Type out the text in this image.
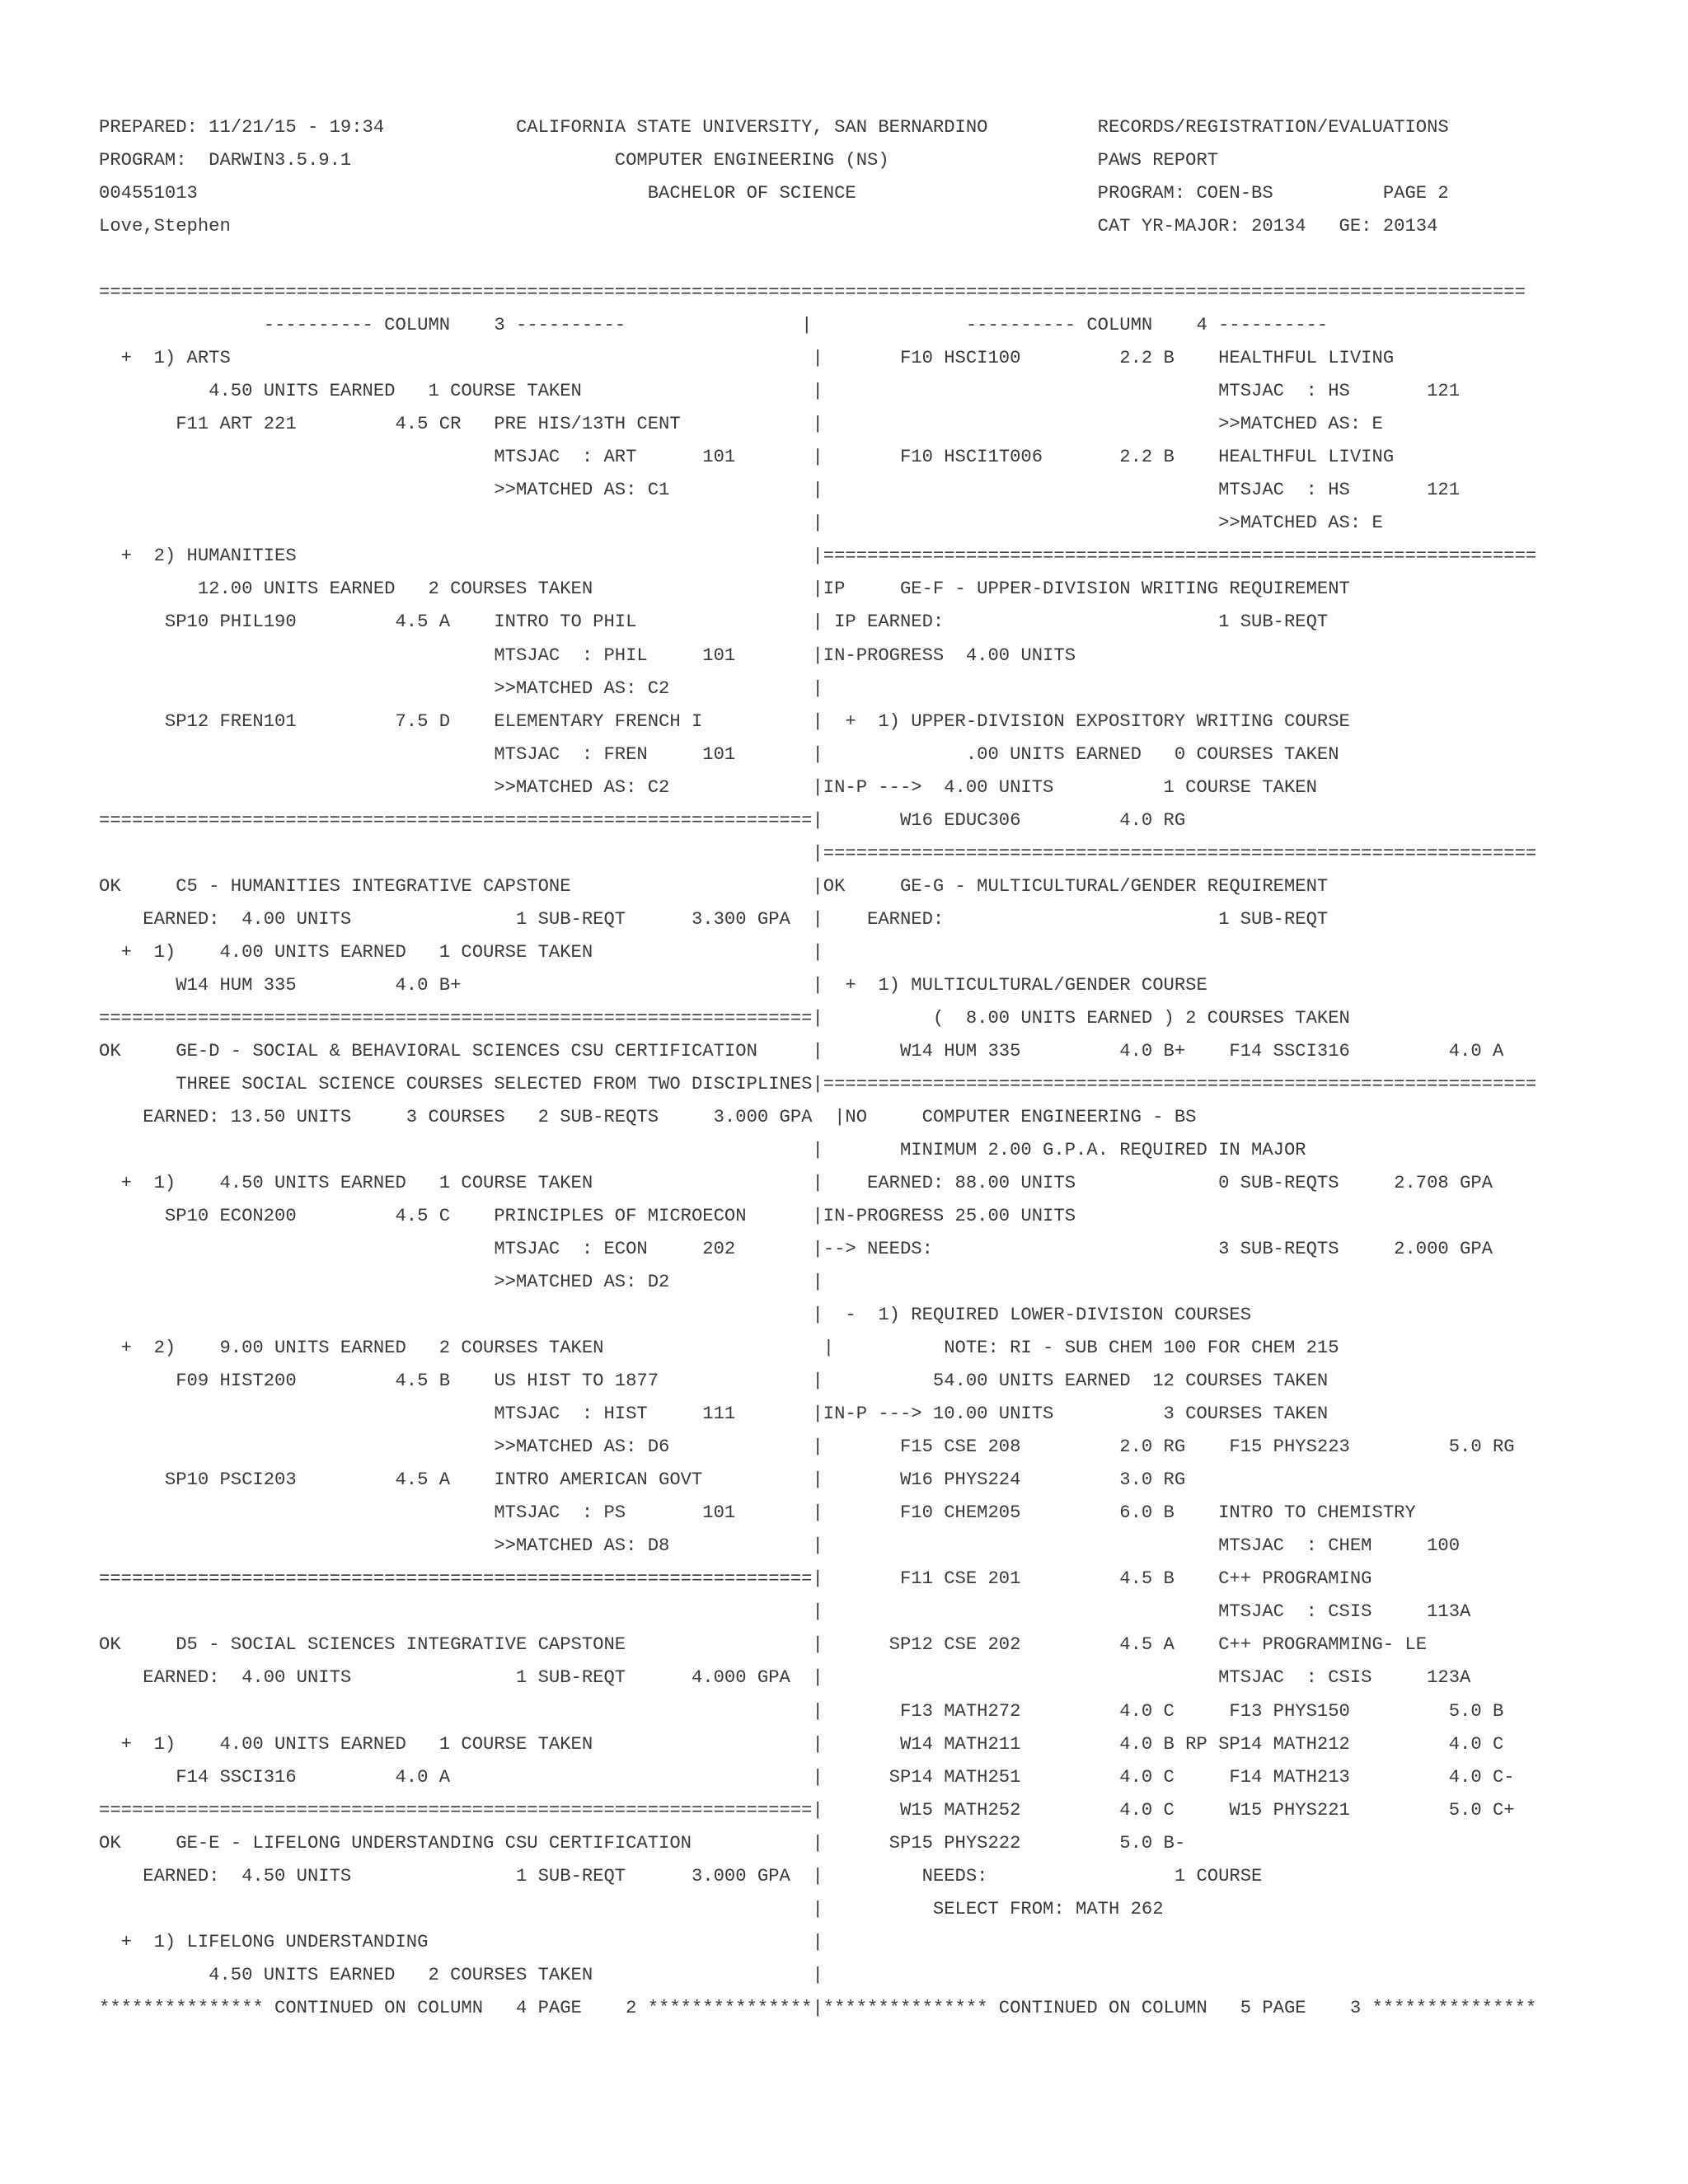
PREPARED: 11/21/15 - 19:34            CALIFORNIA STATE UNIVERSITY, SAN BERNARDINO          RECORDS/REGISTRATION/EVALUATIONS
PROGRAM:  DARWIN3.5.9.1                        COMPUTER ENGINEERING (NS)                   PAWS REPORT
004551013                                         BACHELOR OF SCIENCE                      PROGRAM: COEN-BS          PAGE 2
Love,Stephen                                                                               CAT YR-MAJOR: 20134   GE: 20134
==================================================================================================================================
---------- COLUMN    3 ----------                |              ---------- COLUMN    4 ----------
+  1) ARTS                                                     |       F10 HSCI100         2.2 B    HEALTHFUL LIVING
4.50 UNITS EARNED   1 COURSE TAKEN                     |                                    MTSJAC  : HS       121
F11 ART 221         4.5 CR   PRE HIS/13TH CENT            |                                    >>MATCHED AS: E
MTSJAC  : ART      101       |       F10 HSCI1T006       2.2 B    HEALTHFUL LIVING
>>MATCHED AS: C1             |                                    MTSJAC  : HS       121
|                                    >>MATCHED AS: E
+  2) HUMANITIES                                               |=================================================================
12.00 UNITS EARNED   2 COURSES TAKEN                    |IP     GE-F - UPPER-DIVISION WRITING REQUIREMENT
SP10 PHIL190         4.5 A    INTRO TO PHIL                | IP EARNED:                         1 SUB-REQT
MTSJAC  : PHIL     101       |IN-PROGRESS  4.00 UNITS
>>MATCHED AS: C2             |
SP12 FREN101         7.5 D    ELEMENTARY FRENCH I          |  +  1) UPPER-DIVISION EXPOSITORY WRITING COURSE
MTSJAC  : FREN     101       |             .00 UNITS EARNED   0 COURSES TAKEN
>>MATCHED AS: C2             |IN-P --->  4.00 UNITS          1 COURSE TAKEN
=================================================================|       W16 EDUC306         4.0 RG
|=================================================================
OK     C5 - HUMANITIES INTEGRATIVE CAPSTONE                      |OK     GE-G - MULTICULTURAL/GENDER REQUIREMENT
EARNED:  4.00 UNITS               1 SUB-REQT      3.300 GPA  |    EARNED:                         1 SUB-REQT
+  1)    4.00 UNITS EARNED   1 COURSE TAKEN                    |
W14 HUM 335         4.0 B+                                |  +  1) MULTICULTURAL/GENDER COURSE
=================================================================|          (  8.00 UNITS EARNED ) 2 COURSES TAKEN
OK     GE-D - SOCIAL & BEHAVIORAL SCIENCES CSU CERTIFICATION     |       W14 HUM 335         4.0 B+    F14 SSCI316         4.0 A
THREE SOCIAL SCIENCE COURSES SELECTED FROM TWO DISCIPLINES|=================================================================
EARNED: 13.50 UNITS     3 COURSES   2 SUB-REQTS     3.000 GPA  |NO     COMPUTER ENGINEERING - BS
|       MINIMUM 2.00 G.P.A. REQUIRED IN MAJOR
+  1)    4.50 UNITS EARNED   1 COURSE TAKEN                    |    EARNED: 88.00 UNITS             0 SUB-REQTS     2.708 GPA
SP10 ECON200         4.5 C    PRINCIPLES OF MICROECON      |IN-PROGRESS 25.00 UNITS
MTSJAC  : ECON     202       |--> NEEDS:                          3 SUB-REQTS     2.000 GPA
>>MATCHED AS: D2             |
|  -  1) REQUIRED LOWER-DIVISION COURSES
+  2)    9.00 UNITS EARNED   2 COURSES TAKEN                    |          NOTE: RI - SUB CHEM 100 FOR CHEM 215
F09 HIST200         4.5 B    US HIST TO 1877              |          54.00 UNITS EARNED  12 COURSES TAKEN
MTSJAC  : HIST     111       |IN-P ---> 10.00 UNITS          3 COURSES TAKEN
>>MATCHED AS: D6             |       F15 CSE 208         2.0 RG    F15 PHYS223         5.0 RG
SP10 PSCI203         4.5 A    INTRO AMERICAN GOVT          |       W16 PHYS224         3.0 RG
MTSJAC  : PS       101       |       F10 CHEM205         6.0 B    INTRO TO CHEMISTRY
>>MATCHED AS: D8             |                                    MTSJAC  : CHEM     100
=================================================================|       F11 CSE 201         4.5 B    C++ PROGRAMING
|                                    MTSJAC  : CSIS     113A
OK     D5 - SOCIAL SCIENCES INTEGRATIVE CAPSTONE                 |      SP12 CSE 202         4.5 A    C++ PROGRAMMING- LE
EARNED:  4.00 UNITS               1 SUB-REQT      4.000 GPA  |                                    MTSJAC  : CSIS     123A
|       F13 MATH272         4.0 C     F13 PHYS150         5.0 B
+  1)    4.00 UNITS EARNED   1 COURSE TAKEN                    |       W14 MATH211         4.0 B RP SP14 MATH212         4.0 C
F14 SSCI316         4.0 A                                 |      SP14 MATH251         4.0 C     F14 MATH213         4.0 C-
=================================================================|       W15 MATH252         4.0 C     W15 PHYS221         5.0 C+
OK     GE-E - LIFELONG UNDERSTANDING CSU CERTIFICATION           |      SP15 PHYS222         5.0 B-
EARNED:  4.50 UNITS               1 SUB-REQT      3.000 GPA  |         NEEDS:                 1 COURSE
|          SELECT FROM: MATH 262
+  1) LIFELONG UNDERSTANDING                                   |
4.50 UNITS EARNED   2 COURSES TAKEN                    |
*************** CONTINUED ON COLUMN   4 PAGE    2 ***************|*************** CONTINUED ON COLUMN   5 PAGE    3 ***************
